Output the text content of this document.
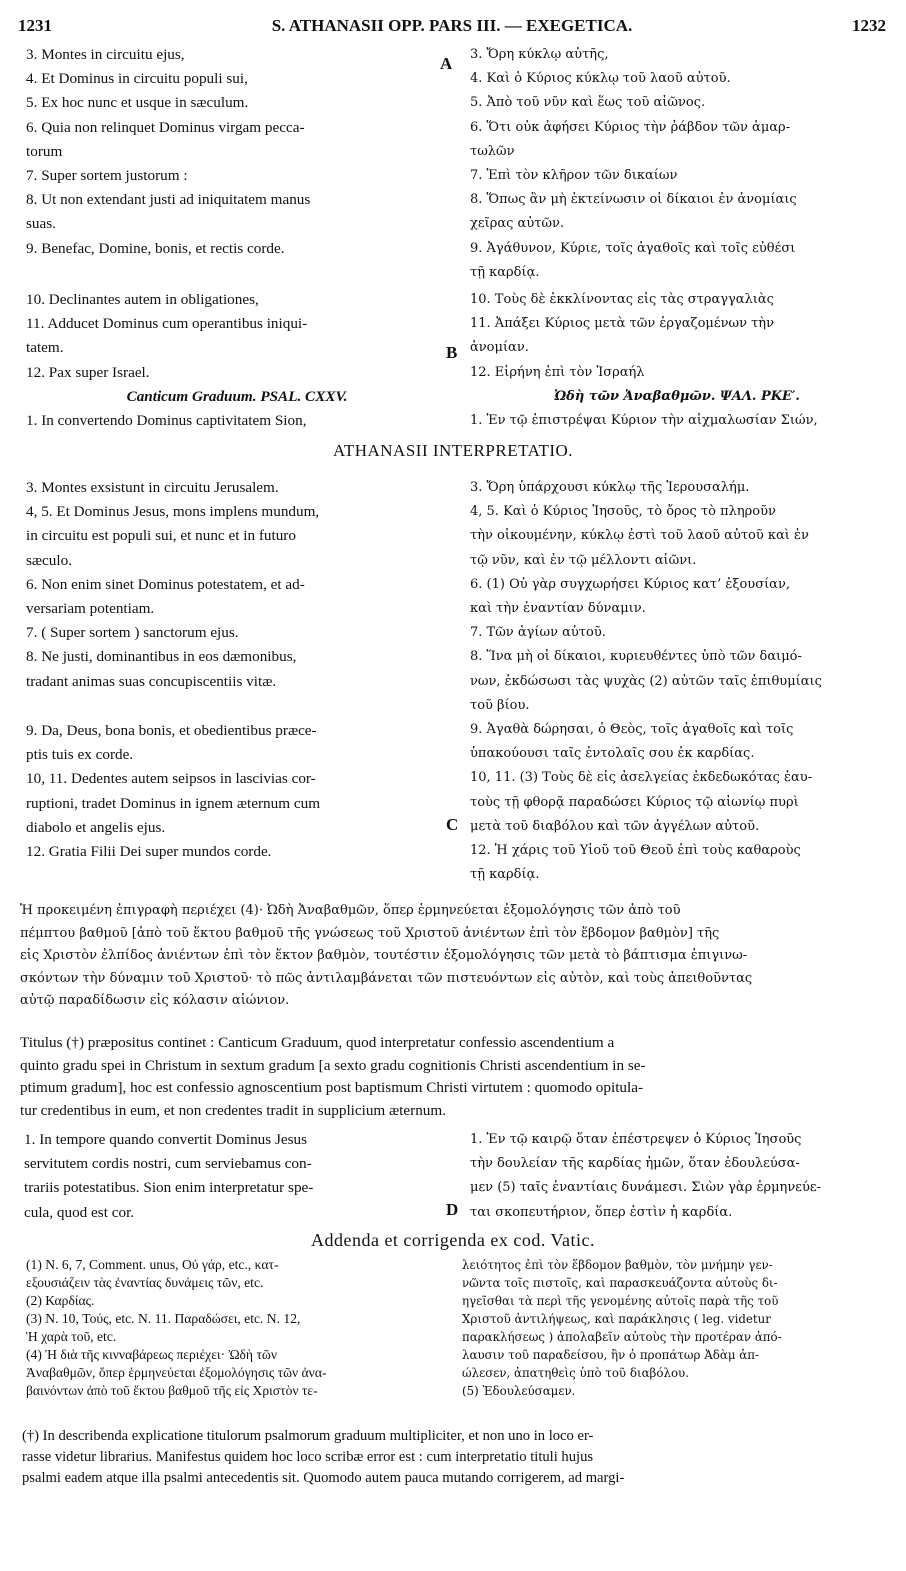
1231	S. ATHANASII OPP. PARS III. — EXEGETICA.	1232

3. Montes in circuitu ejus,

4. Et Dominus in circuitu populi sui,

5. Ex hoc nunc et usque in sæculum.

6. Quia non relinquet Dominus virgam pecca-

torum

7. Super sortem justorum :

8. Ut non extendant justi ad iniquitatem manus

suas.

9. Benefac, Domine, bonis, et rectis corde.

10. Declinantes autem in obligationes,

11. Adducet Dominus cum operantibus iniqui-

tatem.

12. Pax super Israel.

Canticum Graduum. PSAL. CXXV.

1. In convertendo Dominus captivitatem Sion,

3. Ὄρη κύκλῳ αὐτῆς,

4. Καὶ ὁ Κύριος κύκλῳ τοῦ λαοῦ αὐτοῦ.

5. Ἀπὸ τοῦ νῦν καὶ ἕως τοῦ αἰῶνος.

6. Ὅτι οὐκ ἀφήσει Κύριος τὴν ῥάβδον τῶν ἁμαρ-

τωλῶν

7. Ἐπὶ τὸν κλῆρον τῶν δικαίων

8. Ὅπως ἂν μὴ ἐκτείνωσιν οἱ δίκαιοι ἐν ἀνομίαις

χεῖρας αὐτῶν.

9. Ἀγάθυνον, Κύριε, τοῖς ἀγαθοῖς καὶ τοῖς εὐθέσι

τῇ καρδίᾳ.

10. Τοὺς δὲ ἐκκλίνοντας εἰς τὰς στραγγαλιὰς

11. Ἀπάξει Κύριος μετὰ τῶν ἐργαζομένων τὴν

ἀνομίαν.

12. Εἰρήνη ἐπὶ τὸν Ἰσραήλ

Ὠδὴ τῶν Ἀναβαθμῶν. ΨΑΛ. ΡΚΕ′.

1. Ἐν τῷ ἐπιστρέψαι Κύριον τὴν αἰχμαλωσίαν Σιών,

A
B
ATHANASII INTERPRETATIO.

3. Montes exsistunt in circuitu Jerusalem.

4, 5. Et Dominus Jesus, mons implens mundum,

in circuitu est populi sui, et nunc et in futuro

sæculo.

6. Non enim sinet Dominus potestatem, et ad-

versariam potentiam.

7. ( Super sortem ) sanctorum ejus.

8. Ne justi, dominantibus in eos dæmonibus,

tradant animas suas concupiscentiis vitæ.

9. Da, Deus, bona bonis, et obedientibus præce-

ptis tuis ex corde.

10, 11. Dedentes autem seipsos in lascivias cor-

ruptioni, tradet Dominus in ignem æternum cum

diabolo et angelis ejus.

12. Gratia Filii Dei super mundos corde.

3. Ὄρη ὑπάρχουσι κύκλῳ τῆς Ἱερουσαλήμ.

4, 5. Καὶ ὁ Κύριος Ἰησοῦς, τὸ ὄρος τὸ πληροῦν

τὴν οἰκουμένην, κύκλῳ ἐστὶ τοῦ λαοῦ αὐτοῦ καὶ ἐν

τῷ νῦν, καὶ ἐν τῷ μέλλοντι αἰῶνι.

6. (1) Οὐ γὰρ συγχωρήσει Κύριος κατ’ ἐξουσίαν,

καὶ τὴν ἐναντίαν δύναμιν.

7. Τῶν ἁγίων αὐτοῦ.

8. Ἵνα μὴ οἱ δίκαιοι, κυριευθέντες ὑπὸ τῶν δαιμό-

νων, ἐκδώσωσι τὰς ψυχὰς (2) αὐτῶν ταῖς ἐπιθυμίαις

τοῦ βίου.

9. Ἀγαθὰ δώρησαι, ὁ Θεὸς, τοῖς ἀγαθοῖς καὶ τοῖς

ὑπακούουσι ταῖς ἐντολαῖς σου ἐκ καρδίας.

10, 11. (3) Τοὺς δὲ εἰς ἀσελγείας ἐκδεδωκότας ἑαυ-

τοὺς τῇ φθορᾷ παραδώσει Κύριος τῷ αἰωνίῳ πυρὶ

μετὰ τοῦ διαβόλου καὶ τῶν ἀγγέλων αὐτοῦ.

12. Ἡ χάρις τοῦ Υἱοῦ τοῦ Θεοῦ ἐπὶ τοὺς καθαροὺς

τῇ καρδίᾳ.

C

Ἡ προκειμένη ἐπιγραφὴ περιέχει (4)· Ὠδὴ Ἀναβαθμῶν, ὅπερ ἑρμηνεύεται ἐξομολόγησις τῶν ἀπὸ τοῦ

πέμπτου βαθμοῦ [ἀπὸ τοῦ ἕκτου βαθμοῦ τῆς γνώσεως τοῦ Χριστοῦ ἀνιέντων ἐπὶ τὸν ἕβδομον βαθμὸν] τῆς

εἰς Χριστὸν ἐλπίδος ἀνιέντων ἐπὶ τὸν ἕκτον βαθμὸν, τουτέστιν ἐξομολόγησις τῶν μετὰ τὸ βάπτισμα ἐπιγινω-

σκόντων τὴν δύναμιν τοῦ Χριστοῦ· τὸ πῶς ἀντιλαμβάνεται τῶν πιστευόντων εἰς αὐτὸν, καὶ τοὺς ἀπειθοῦντας

αὐτῷ παραδίδωσιν εἰς κόλασιν αἰώνιον.

Titulus (†) præpositus continet : Canticum Graduum, quod interpretatur confessio ascendentium a

quinto gradu spei in Christum in sextum gradum [a sexto gradu cognitionis Christi ascendentium in se-

ptimum gradum], hoc est confessio agnoscentium post baptismum Christi virtutem : quomodo opitula-

tur credentibus in eum, et non credentes tradit in supplicium æternum.

1. In tempore quando convertit Dominus Jesus

servitutem cordis nostri, cum serviebamus con-

trariis potestatibus. Sion enim interpretatur spe-

cula, quod est cor.

1. Ἐν τῷ καιρῷ ὅταν ἐπέστρεψεν ὁ Κύριος Ἰησοῦς

τὴν δουλείαν τῆς καρδίας ἡμῶν, ὅταν ἐδουλεύσα-

μεν (5) ταῖς ἐναντίαις δυνάμεσι. Σιὼν γὰρ ἑρμηνεύε-

ται σκοπευτήριον, ὅπερ ἐστὶν ἡ καρδία.

D
Addenda et corrigenda ex cod. Vatic.

(1) N. 6, 7, Comment. unus, Οὐ γάρ, etc., κατ-

εξουσιάζειν τὰς ἐναντίας δυνάμεις τῶν, etc.

(2) Καρδίας.

(3) N. 10, Τούς, etc. N. 11. Παραδώσει, etc. N. 12,

Ἡ χαρὰ τοῦ, etc.

(4) Ἡ διὰ τῆς κινναβάρεως περιέχει· Ὠδὴ τῶν

Ἀναβαθμῶν, ὅπερ ἑρμηνεύεται ἐξομολόγησις τῶν ἀνα-

βαινόντων ἀπὸ τοῦ ἕκτου βαθμοῦ τῆς εἰς Χριστὸν τε-

λειότητος ἐπὶ τὸν ἕβδομον βαθμὸν, τὸν μνήμην γεν-

νῶντα τοῖς πιστοῖς, καὶ παρασκευάζοντα αὐτοὺς δι-

ηγεῖσθαι τὰ περὶ τῆς γενομένης αὐτοῖς παρὰ τῆς τοῦ

Χριστοῦ ἀντιλήψεως, καὶ παράκλησις ( leg. videtur

παρακλήσεως ) ἀπολαβεῖν αὐτοὺς τὴν προτέραν ἀπό-

λαυσιν τοῦ παραδείσου, ἣν ὁ προπάτωρ Ἀδὰμ ἀπ-

ώλεσεν, ἀπατηθεὶς ὑπὸ τοῦ διαβόλου.

(5) Ἐδουλεύσαμεν.

(†) In describenda explicatione titulorum psalmorum graduum multipliciter, et non uno in loco er-

rasse videtur librarius. Manifestus quidem hoc loco scribæ error est : cum interpretatio tituli hujus

psalmi eadem atque illa psalmi antecedentis sit. Quomodo autem pauca mutando corrigerem, ad margi-
